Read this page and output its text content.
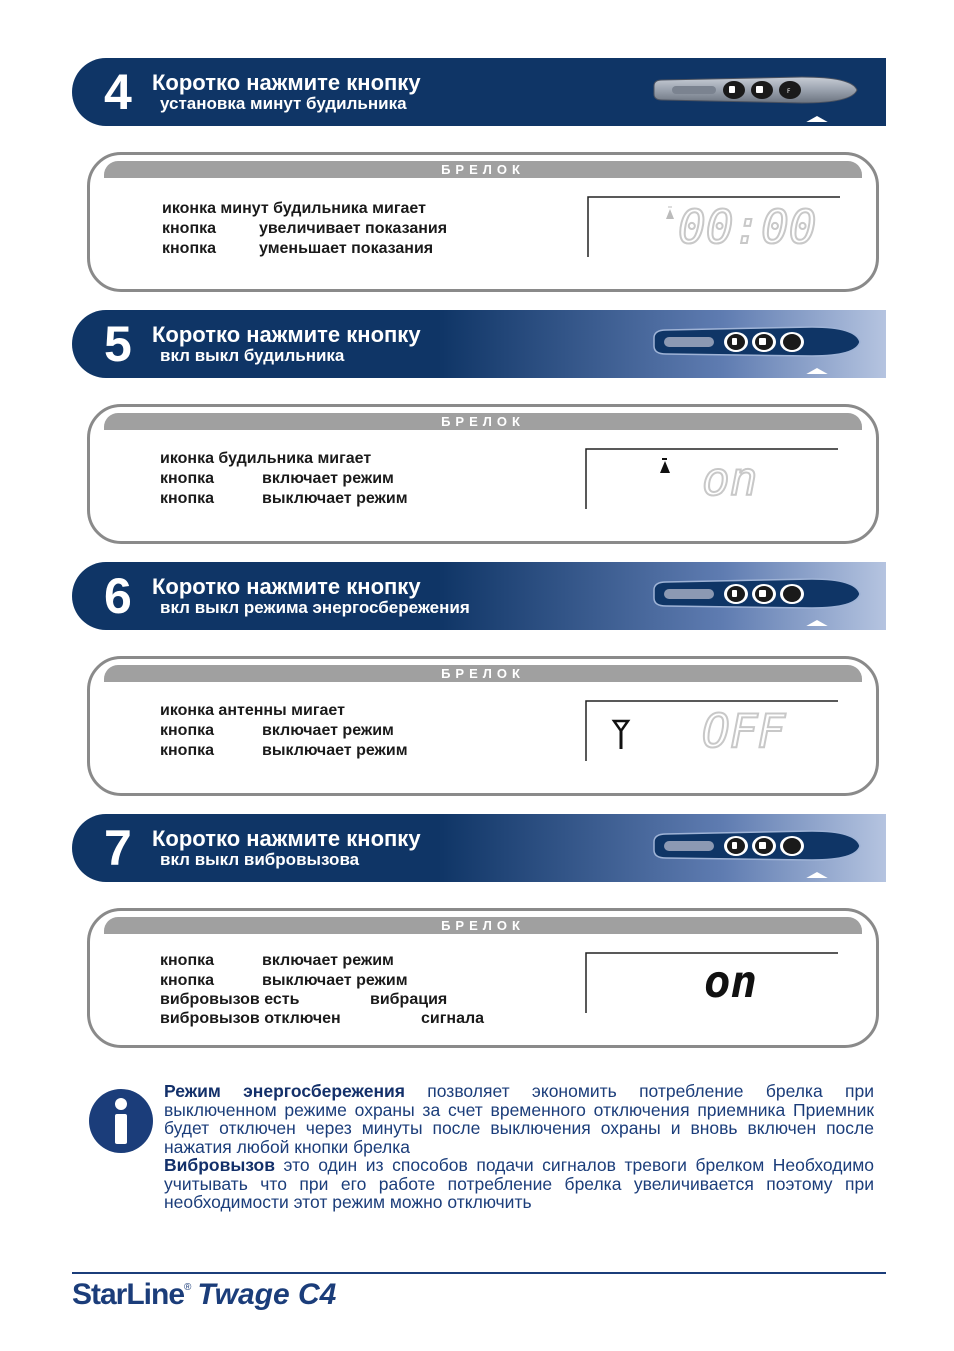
4 Коротко нажмите кнопку
установка минут будильника
БРЕЛОК
иконка минут будильника мигает
кнопка	увеличивает показания
кнопка	уменьшает показания	00:00
5 Коротко нажмите кнопку
вкл выкл будильника
БРЕЛОК
иконка будильника мигает
кнопка	включает режим
кнопка	выключает режим	on
6 Коротко нажмите кнопку
вкл выкл режима энергосбережения
БРЕЛОК
иконка антенны мигает
кнопка	включает режим
кнопка	выключает режим	OFF
7 Коротко нажмите кнопку
вкл выкл вибровызова
БРЕЛОК
кнопка	включает режим
кнопка	выключает режим
вибровызов есть	вибрация
вибровызов отключен	сигнала
on

Режим энергосбережения позволяет экономить потребление брелка при выключенном режиме охраны за счет временного отключения приемника Приемник будет отключен через минуты после выключения охраны и вновь включен после нажатия любой кнопки брелка

Вибровызов это один из способов подачи сигналов тревоги брелком Необходимо учитывать что при его работе потребление брелка увеличивается поэтому при необходимости этот режим можно отключить

StarLine® Twage C4
